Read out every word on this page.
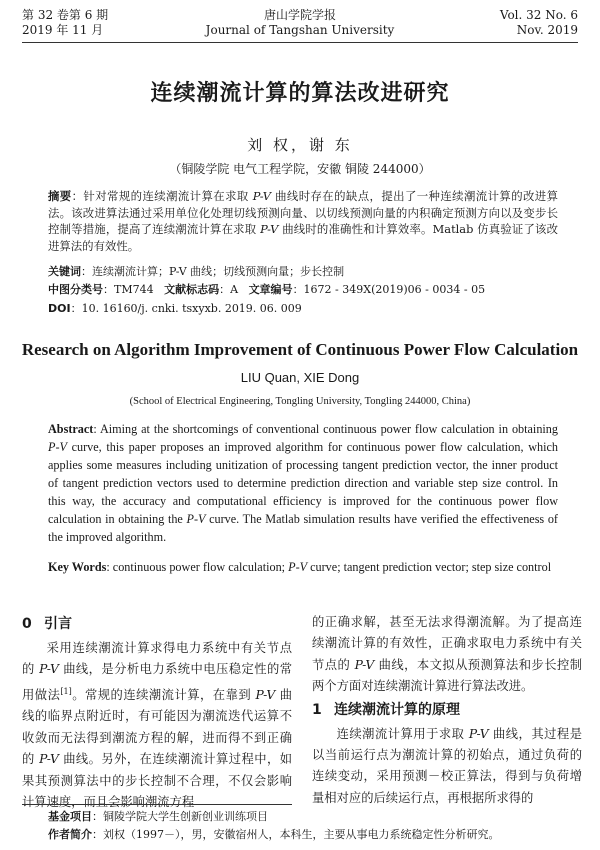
第 32 卷第 6 期
2019 年 11 月
唐山学院学报
Journal of Tangshan University
Vol. 32 No. 6
Nov. 2019
连续潮流计算的算法改进研究
刘 权，谢 东
（铜陵学院 电气工程学院，安徽 铜陵 244000）
摘要：针对常规的连续潮流计算在求取 P-V 曲线时存在的缺点，提出了一种连续潮流计算的改进算法。该改进算法通过采用单位化处理切线预测向量、以切线预测向量的内积确定预测方向以及变步长控制等措施，提高了连续潮流计算在求取 P-V 曲线时的准确性和计算效率。Matlab 仿真验证了该改进算法的有效性。
关键词：连续潮流计算；P-V 曲线；切线预测向量；步长控制
中图分类号：TM744 文献标志码：A 文章编号：1672 - 349X(2019)06 - 0034 - 05
DOI：10. 16160/j. cnki. tsxyxb. 2019. 06. 009
Research on Algorithm Improvement of Continuous Power Flow Calculation
LIU Quan, XIE Dong
(School of Electrical Engineering, Tongling University, Tongling 244000, China)
Abstract: Aiming at the shortcomings of conventional continuous power flow calculation in obtaining P-V curve, this paper proposes an improved algorithm for continuous power flow calculation, which applies some measures including unitization of processing tangent prediction vector, the inner product of tangent prediction vectors used to determine prediction direction and variable step size control. In this way, the accuracy and computational efficiency is improved for the continuous power flow calculation in obtaining the P-V curve. The Matlab simulation results have verified the effectiveness of the improved algorithm.
Key Words: continuous power flow calculation; P-V curve; tangent prediction vector; step size control
0 引言

采用连续潮流计算求得电力系统中有关节点的 P-V 曲线，是分析电力系统中电压稳定性的常用做法[1]。常规的连续潮流计算，在靠到 P-V 曲线的临界点附近时，有可能因为潮流迭代运算不收敛而无法得到潮流方程的解，进而得不到正确的 P-V 曲线。另外，在连续潮流计算过程中，如果其预测算法中的步长控制不合理，不仅会影响计算速度，而且会影响潮流方程

的正确求解，甚至无法求得潮流解。为了提高连续潮流计算的有效性，正确求取电力系统中有关节点的 P-V 曲线，本文拟从预测算法和步长控制两个方面对连续潮流计算进行算法改进。

1 连续潮流计算的原理

连续潮流计算用于求取 P-V 曲线，其过程是以当前运行点为潮流计算的初始点，通过负荷的连续变动，采用预测－校正算法，得到与负荷增量相对应的后续运行点，再根据所求得的

基金项目：铜陵学院大学生创新创业训练项目
作者简介：刘权（1997－），男，安徽宿州人，本科生，主要从事电力系统稳定性分析研究。
